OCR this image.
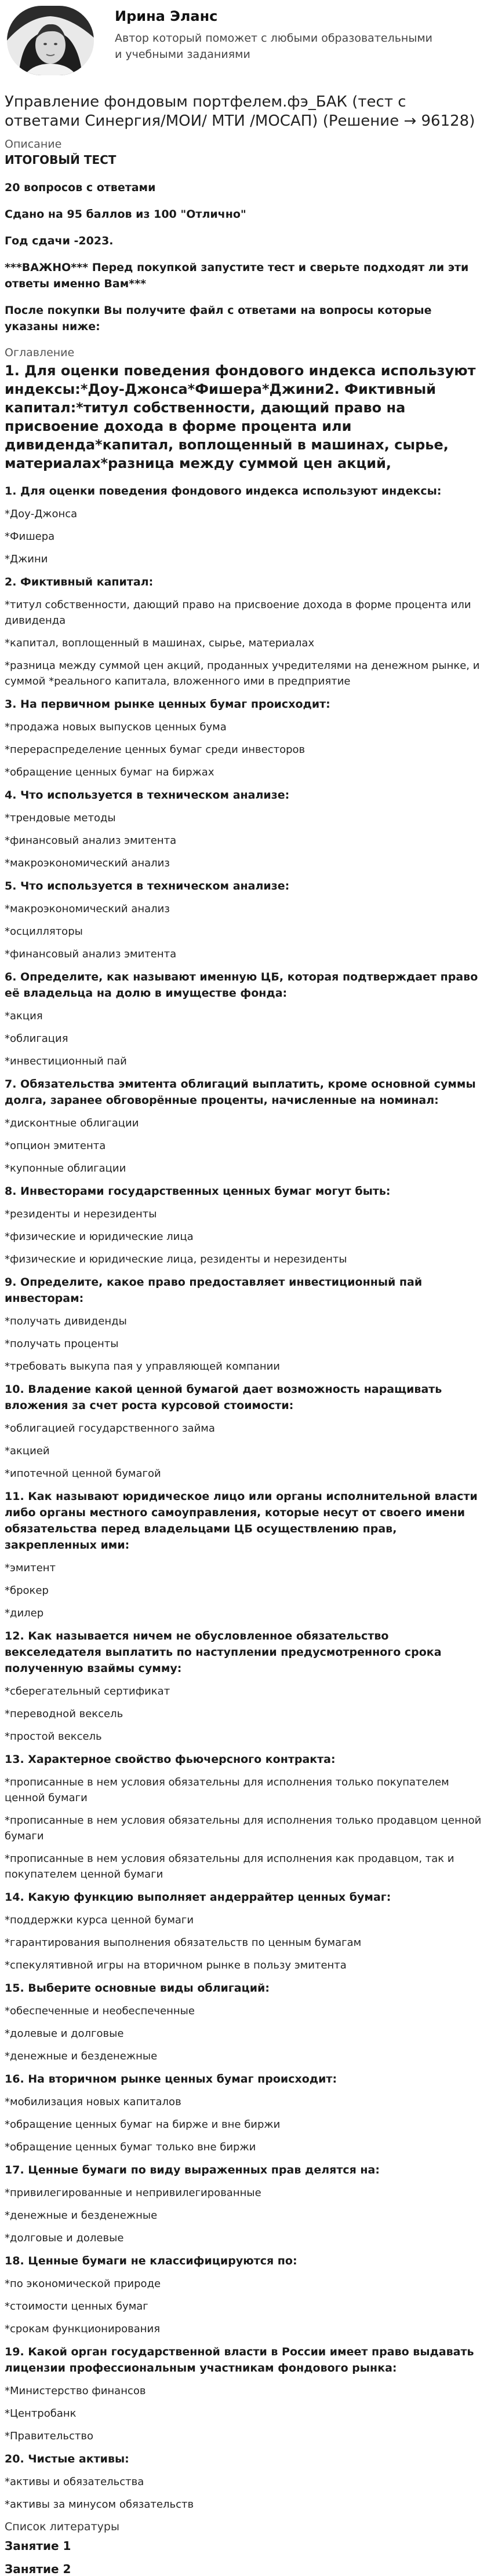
Ирина Эланс
Автор который поможет с любыми образовательными и учебными заданиями
Управление фондовым портфелем.фэ_БАК (тест с ответами Синергия/МОИ/ МТИ /МОСАП) (Решение → 96128)
Описание
ИТОГОВЫЙ ТЕСТ
20 вопросов с ответами
Сдано на 95 баллов из 100 "Отлично"
Год сдачи -2023.
***ВАЖНО*** Перед покупкой запустите тест и сверьте подходят ли эти ответы именно Вам***
После покупки Вы получите файл с ответами на вопросы которые указаны ниже:
Оглавление
1. Для оценки поведения фондового индекса используют индексы:*Доу-Джонса*Фишера*Джини2. Фиктивный капитал:*титул собственности, дающий право на присвоение дохода в форме процента или дивиденда*капитал, воплощенный в машинах, сырье, материалах*разница между суммой цен акций,
1. Для оценки поведения фондового индекса используют индексы:
*Доу-Джонса
*Фишера
*Джини
2. Фиктивный капитал:
*титул собственности, дающий право на присвоение дохода в форме процента или дивиденда
*капитал, воплощенный в машинах, сырье, материалах
*разница между суммой цен акций, проданных учредителями на денежном рынке, и суммой *реального капитала, вложенного ими в предприятие
3. На первичном рынке ценных бумаг происходит:
*продажа новых выпусков ценных бума
*перераспределение ценных бумаг среди инвесторов
*обращение ценных бумаг на биржах
4. Что используется в техническом анализе:
*трендовые методы
*финансовый анализ эмитента
*макроэкономический анализ
5. Что используется в техническом анализе:
*макроэкономический анализ
*осцилляторы
*финансовый анализ эмитента
6. Определите, как называют именную ЦБ, которая подтверждает право её владельца на долю в имуществе фонда:
*акция
*облигация
*инвестиционный пай
7. Обязательства эмитента облигаций выплатить, кроме основной суммы долга, заранее обговорённые проценты, начисленные на номинал:
*дисконтные облигации
*опцион эмитента
*купонные облигации
8. Инвесторами государственных ценных бумаг могут быть:
*резиденты и нерезиденты
*физические и юридические лица
*физические и юридические лица, резиденты и нерезиденты
9. Определите, какое право предоставляет инвестиционный пай инвесторам:
*получать дивиденды
*получать проценты
*требовать выкупа пая у управляющей компании
10. Владение какой ценной бумагой дает возможность наращивать вложения за счет роста курсовой стоимости:
*облигацией государственного займа
*акцией
*ипотечной ценной бумагой
11. Как называют юридическое лицо или органы исполнительной власти либо органы местного самоуправления, которые несут от своего имени обязательства перед владельцами ЦБ осуществлению прав, закрепленных ими:
*эмитент
*брокер
*дилер
12. Как называется ничем не обусловленное обязательство векселедателя выплатить по наступлении предусмотренного срока полученную взаймы сумму:
*сберегательный сертификат
*переводной вексель
*простой вексель
13. Характерное свойство фьючерсного контракта:
*прописанные в нем условия обязательны для исполнения только покупателем ценной бумаги
*прописанные в нем условия обязательны для исполнения только продавцом ценной бумаги
*прописанные в нем условия обязательны для исполнения как продавцом, так и покупателем ценной бумаги
14. Какую функцию выполняет андеррайтер ценных бумаг:
*поддержки курса ценной бумаги
*гарантирования выполнения обязательств по ценным бумагам
*спекулятивной игры на вторичном рынке в пользу эмитента
15. Выберите основные виды облигаций:
*обеспеченные и необеспеченные
*долевые и долговые
*денежные и безденежные
16. На вторичном рынке ценных бумаг происходит:
*мобилизация новых капиталов
*обращение ценных бумаг на бирже и вне биржи
*обращение ценных бумаг только вне биржи
17. Ценные бумаги по виду выраженных прав делятся на:
*привилегированные и непривилегированные
*денежные и безденежные
*долговые и долевые
18. Ценные бумаги не классифицируются по:
*по экономической природе
*стоимости ценных бумаг
*срокам функционирования
19. Какой орган государственной власти в России имеет право выдавать лицензии профессиональным участникам фондового рынка:
*Министерство финансов
*Центробанк
*Правительство
20. Чистые активы:
*активы и обязательства
*активы за минусом обязательств
Список литературы
Занятие 1
Занятие 2
